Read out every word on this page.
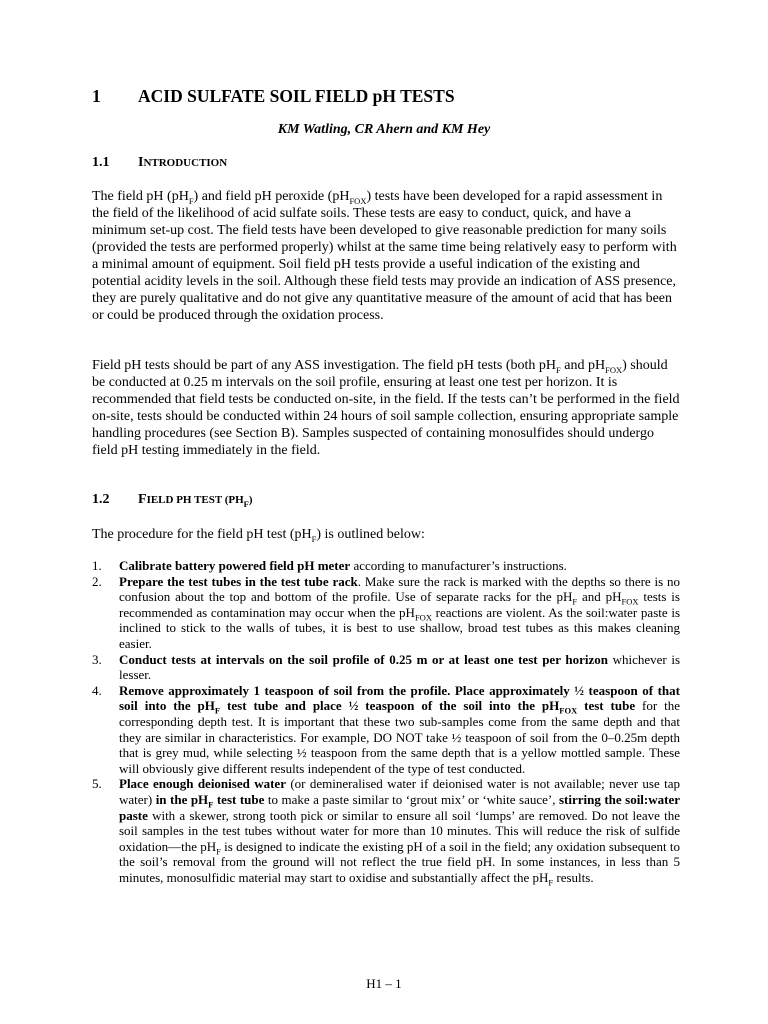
1 ACID SULFATE SOIL FIELD pH TESTS
KM Watling, CR Ahern and KM Hey
1.1 INTRODUCTION
The field pH $(pH_F)$ and field pH peroxide $(pH_{FOX})$ tests have been developed for a rapid assessment in the field of the likelihood of acid sulfate soils. These tests are easy to conduct, quick, and have a minimum set-up cost. The field tests have been developed to give reasonable prediction for many soils (provided the tests are performed properly) whilst at the same time being relatively easy to perform with a minimal amount of equipment. Soil field pH tests provide a useful indication of the existing and potential acidity levels in the soil. Although these field tests may provide an indication of ASS presence, they are purely qualitative and do not give any quantitative measure of the amount of acid that has been or could be produced through the oxidation process.
Field pH tests should be part of any ASS investigation. The field pH tests (both $pH_F$ and $pH_{FOX}$) should be conducted at 0.25 m intervals on the soil profile, ensuring at least one test per horizon. It is recommended that field tests be conducted on-site, in the field. If the tests can’t be performed in the field on-site, tests should be conducted within 24 hours of soil sample collection, ensuring appropriate sample handling procedures (see Section B). Samples suspected of containing monosulfides should undergo field pH testing immediately in the field.
1.2 FIELD PH TEST $(PH_F)$
The procedure for the field pH test $(pH_F)$ is outlined below:
1. Calibrate battery powered field pH meter according to manufacturer’s instructions.
2. Prepare the test tubes in the test tube rack. Make sure the rack is marked with the depths so there is no confusion about the top and bottom of the profile. Use of separate racks for the $pH_F$ and $pH_{FOX}$ tests is recommended as contamination may occur when the $pH_{FOX}$ reactions are violent. As the soil:water paste is inclined to stick to the walls of tubes, it is best to use shallow, broad test tubes as this makes cleaning easier.
3. Conduct tests at intervals on the soil profile of 0.25 m or at least one test per horizon whichever is lesser.
4. Remove approximately 1 teaspoon of soil from the profile. Place approximately ½ teaspoon of that soil into the $pH_F$ test tube and place ½ teaspoon of the soil into the $pH_{FOX}$ test tube for the corresponding depth test. It is important that these two sub-samples come from the same depth and that they are similar in characteristics. For example, DO NOT take ½ teaspoon of soil from the 0–0.25m depth that is grey mud, while selecting ½ teaspoon from the same depth that is a yellow mottled sample. These will obviously give different results independent of the type of test conducted.
5. Place enough deionised water (or demineralised water if deionised water is not available; never use tap water) in the $pH_F$ test tube to make a paste similar to ‘grout mix’ or ‘white sauce’, stirring the soil:water paste with a skewer, strong tooth pick or similar to ensure all soil ‘lumps’ are removed. Do not leave the soil samples in the test tubes without water for more than 10 minutes. This will reduce the risk of sulfide oxidation—the $pH_F$ is designed to indicate the existing pH of a soil in the field; any oxidation subsequent to the soil’s removal from the ground will not reflect the true field pH. In some instances, in less than 5 minutes, monosulfidic material may start to oxidise and substantially affect the $pH_F$ results.
H1 – 1
